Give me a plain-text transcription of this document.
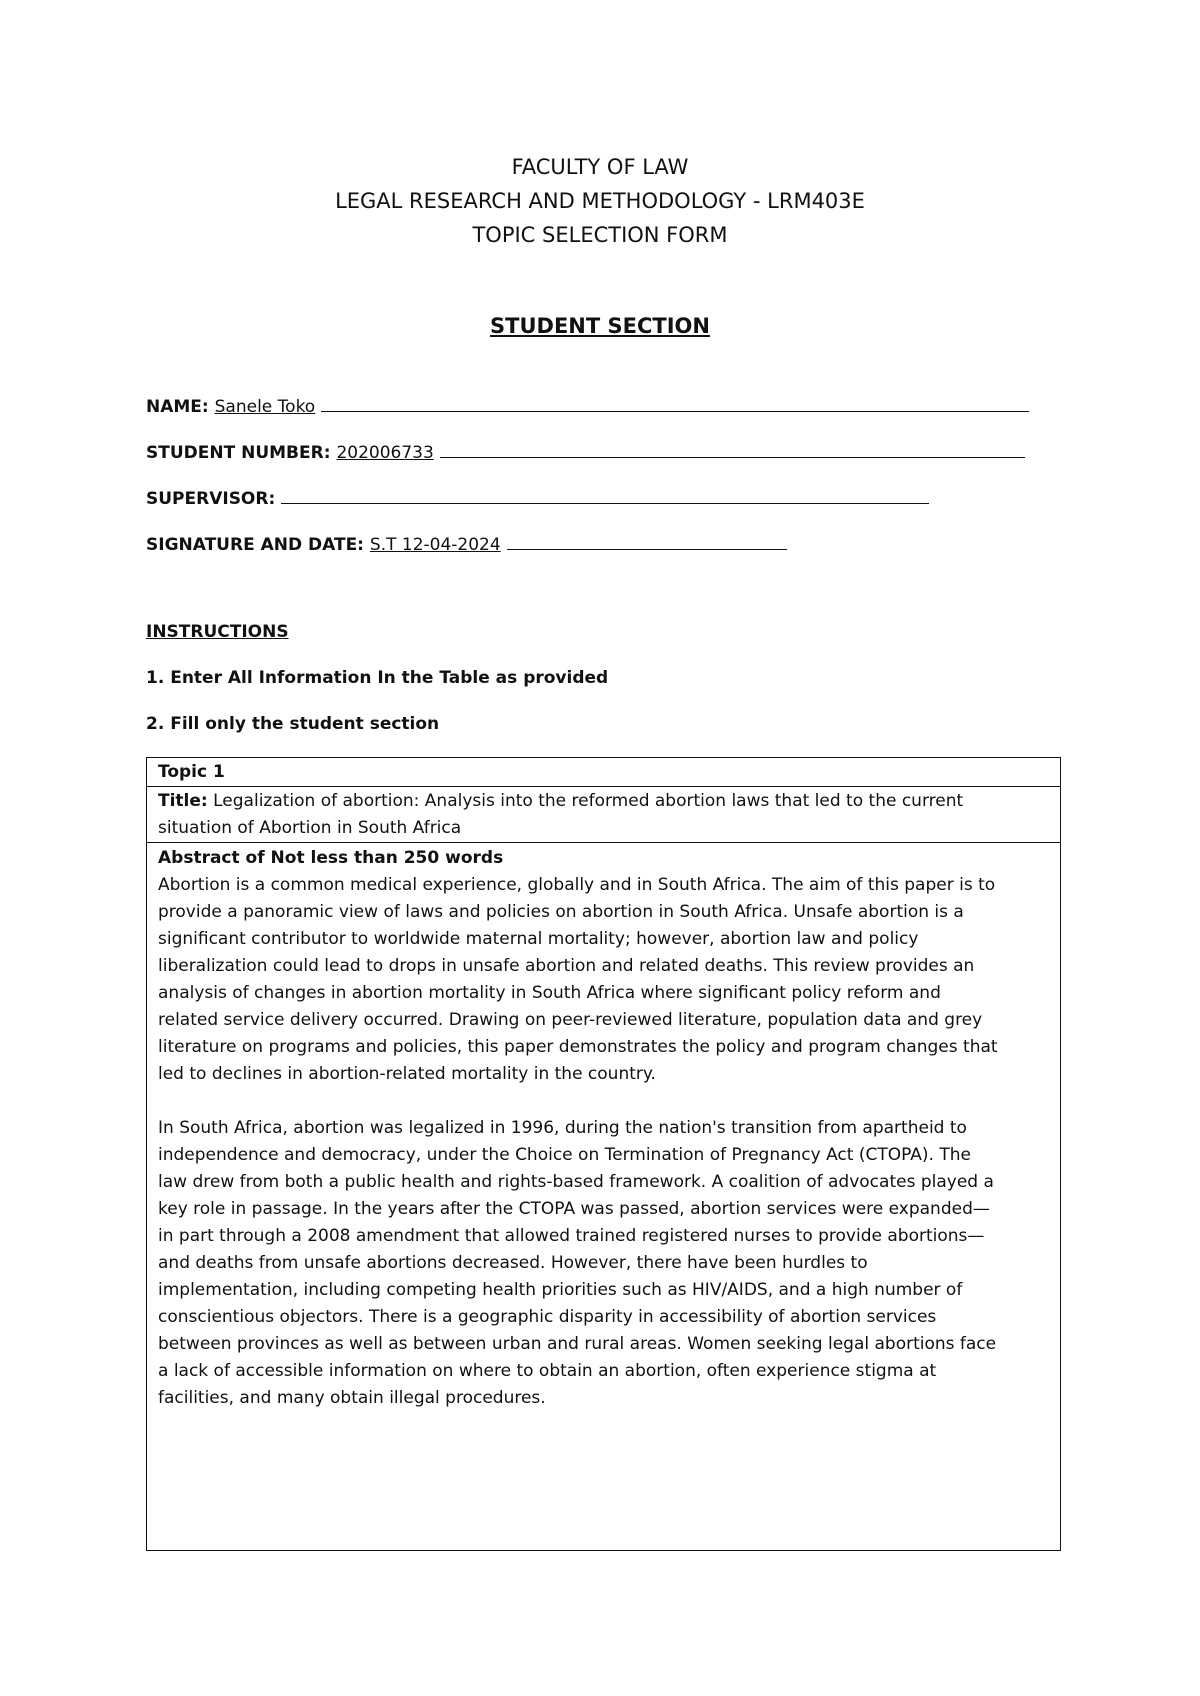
FACULTY OF LAW
LEGAL RESEARCH AND METHODOLOGY - LRM403E
TOPIC SELECTION FORM
STUDENT SECTION
NAME: Sanele Toko
STUDENT NUMBER: 202006733
SUPERVISOR:
SIGNATURE AND DATE: S.T 12-04-2024
INSTRUCTIONS
1. Enter All Information In the Table as provided
2. Fill only the student section
Topic 1
Title: Legalization of abortion: Analysis into the reformed abortion laws that led to the current
situation of Abortion in South Africa

Abstract of Not less than 250 words

Abortion is a common medical experience, globally and in South Africa. The aim of this paper is to

provide a panoramic view of laws and policies on abortion in South Africa. Unsafe abortion is a

significant contributor to worldwide maternal mortality; however, abortion law and policy

liberalization could lead to drops in unsafe abortion and related deaths. This review provides an

analysis of changes in abortion mortality in South Africa where significant policy reform and

related service delivery occurred. Drawing on peer-reviewed literature, population data and grey

literature on programs and policies, this paper demonstrates the policy and program changes that

led to declines in abortion-related mortality in the country.

In South Africa, abortion was legalized in 1996, during the nation's transition from apartheid to

independence and democracy, under the Choice on Termination of Pregnancy Act (CTOPA). The

law drew from both a public health and rights-based framework. A coalition of advocates played a

key role in passage. In the years after the CTOPA was passed, abortion services were expanded—

in part through a 2008 amendment that allowed trained registered nurses to provide abortions—

and deaths from unsafe abortions decreased. However, there have been hurdles to

implementation, including competing health priorities such as HIV/AIDS, and a high number of

conscientious objectors. There is a geographic disparity in accessibility of abortion services

between provinces as well as between urban and rural areas. Women seeking legal abortions face

a lack of accessible information on where to obtain an abortion, often experience stigma at

facilities, and many obtain illegal procedures.
